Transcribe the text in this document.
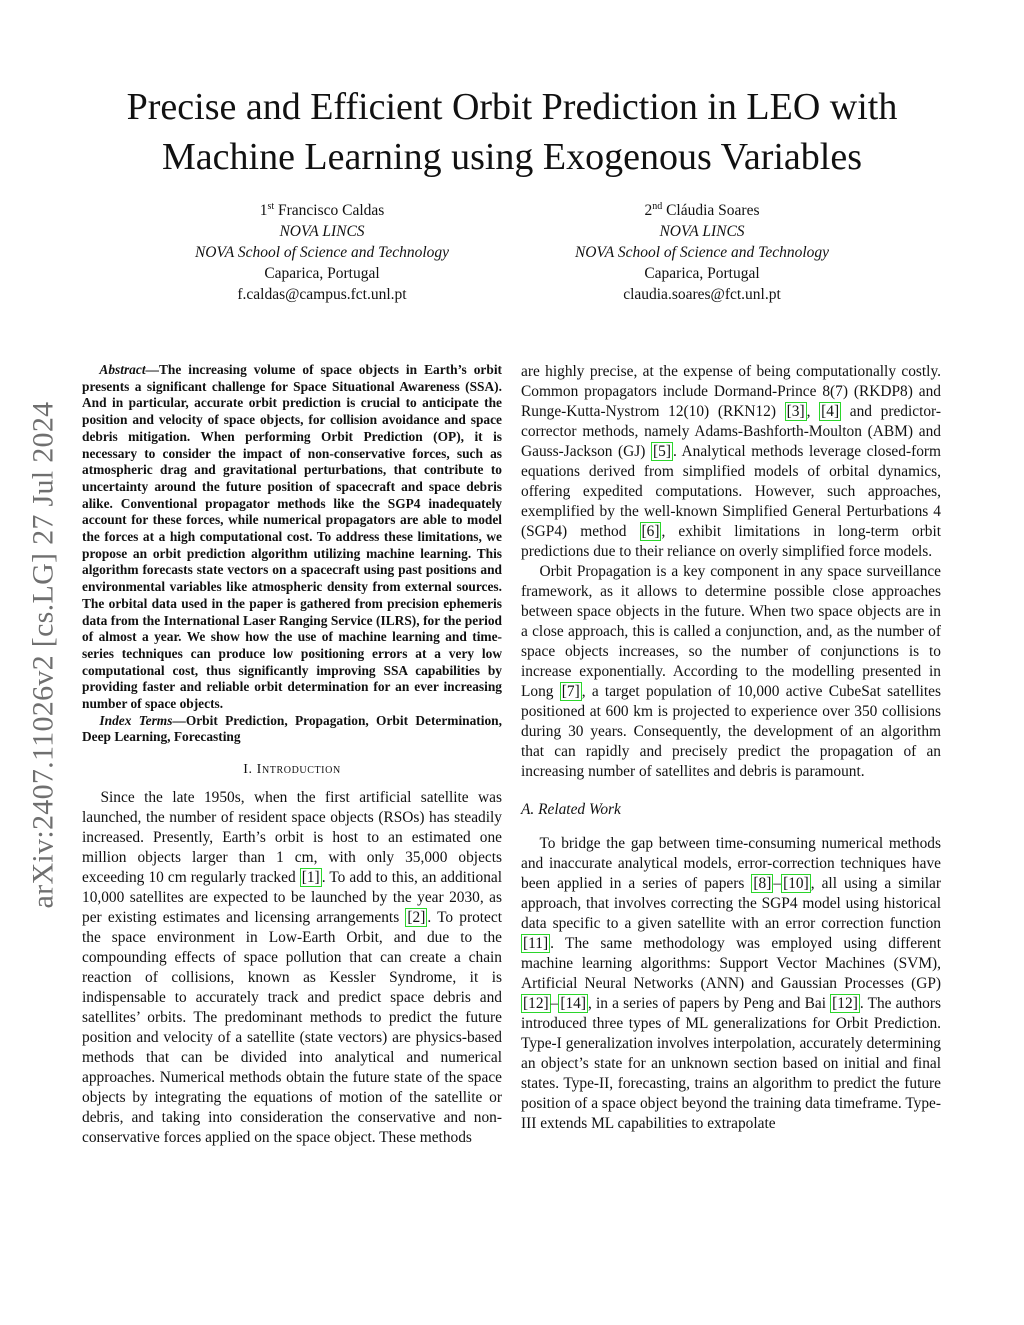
arXiv:2407.11026v2 [cs.LG] 27 Jul 2024
Precise and Efficient Orbit Prediction in LEO with
Machine Learning using Exogenous Variables
1st Francisco Caldas
NOVA LINCS
NOVA School of Science and Technology
Caparica, Portugal
f.caldas@campus.fct.unl.pt
2nd Cláudia Soares
NOVA LINCS
NOVA School of Science and Technology
Caparica, Portugal
claudia.soares@fct.unl.pt

Abstract—The increasing volume of space objects in Earth’s orbit presents a significant challenge for Space Situational Awareness (SSA). And in particular, accurate orbit prediction is crucial to anticipate the position and velocity of space objects, for collision avoidance and space debris mitigation. When performing Orbit Prediction (OP), it is necessary to consider the impact of non-conservative forces, such as atmospheric drag and gravitational perturbations, that contribute to uncertainty around the future position of spacecraft and space debris alike. Conventional propagator methods like the SGP4 inadequately account for these forces, while numerical propagators are able to model the forces at a high computational cost. To address these limitations, we propose an orbit prediction algorithm utilizing machine learning. This algorithm forecasts state vectors on a spacecraft using past positions and environmental variables like atmospheric density from external sources. The orbital data used in the paper is gathered from precision ephemeris data from the International Laser Ranging Service (ILRS), for the period of almost a year. We show how the use of machine learning and time-series techniques can produce low positioning errors at a very low computational cost, thus significantly improving SSA capabilities by providing faster and reliable orbit determination for an ever increasing number of space objects.

Index Terms—Orbit Prediction, Propagation, Orbit Determination, Deep Learning, Forecasting

I. Introduction

Since the late 1950s, when the first artificial satellite was launched, the number of resident space objects (RSOs) has steadily increased. Presently, Earth’s orbit is host to an estimated one million objects larger than 1 cm, with only 35,000 objects exceeding 10 cm regularly tracked [1] . To add to this, an additional 10,000 satellites are expected to be launched by the year 2030, as per existing estimates and licensing arrangements [2] . To protect the space environment in Low-Earth Orbit, and due to the compounding effects of space pollution that can create a chain reaction of collisions, known as Kessler Syndrome, it is indispensable to accurately track and predict space debris and satellites’ orbits. The predominant methods to predict the future position and velocity of a satellite (state vectors) are physics-based methods that can be divided into analytical and numerical approaches. Numerical methods obtain the future state of the space objects by integrating the equations of motion of the satellite or debris, and taking into consideration the conservative and non-conservative forces applied on the space object. These methods

are highly precise, at the expense of being computationally costly. Common propagators include Dormand-Prince 8(7) (RKDP8) and Runge-Kutta-Nystrom 12(10) (RKN12) [3] , [4] and predictor-corrector methods, namely Adams-Bashforth-Moulton (ABM) and Gauss-Jackson (GJ) [5] . Analytical methods leverage closed-form equations derived from simplified models of orbital dynamics, offering expedited computations. However, such approaches, exemplified by the well-known Simplified General Perturbations 4 (SGP4) method [6] , exhibit limitations in long-term orbit predictions due to their reliance on overly simplified force models.

Orbit Propagation is a key component in any space surveillance framework, as it allows to determine possible close approaches between space objects in the future. When two space objects are in a close approach, this is called a conjunction, and, as the number of space objects increases, so the number of conjunctions is to increase exponentially. According to the modelling presented in Long [7] , a target population of 10,000 active CubeSat satellites positioned at 600 km is projected to experience over 350 collisions during 30 years. Consequently, the development of an algorithm that can rapidly and precisely predict the propagation of an increasing number of satellites and debris is paramount.

A. Related Work

To bridge the gap between time-consuming numerical methods and inaccurate analytical models, error-correction techniques have been applied in a series of papers [8] – [10] , all using a similar approach, that involves correcting the SGP4 model using historical data specific to a given satellite with an error correction function [11] . The same methodology was employed using different machine learning algorithms: Support Vector Machines (SVM), Artificial Neural Networks (ANN) and Gaussian Processes (GP) [12] – [14] , in a series of papers by Peng and Bai [12] . The authors introduced three types of ML generalizations for Orbit Prediction. Type-I generalization involves interpolation, accurately determining an object’s state for an unknown section based on initial and final states. Type-II, forecasting, trains an algorithm to predict the future position of a space object beyond the training data timeframe. Type-III extends ML capabilities to extrapolate
